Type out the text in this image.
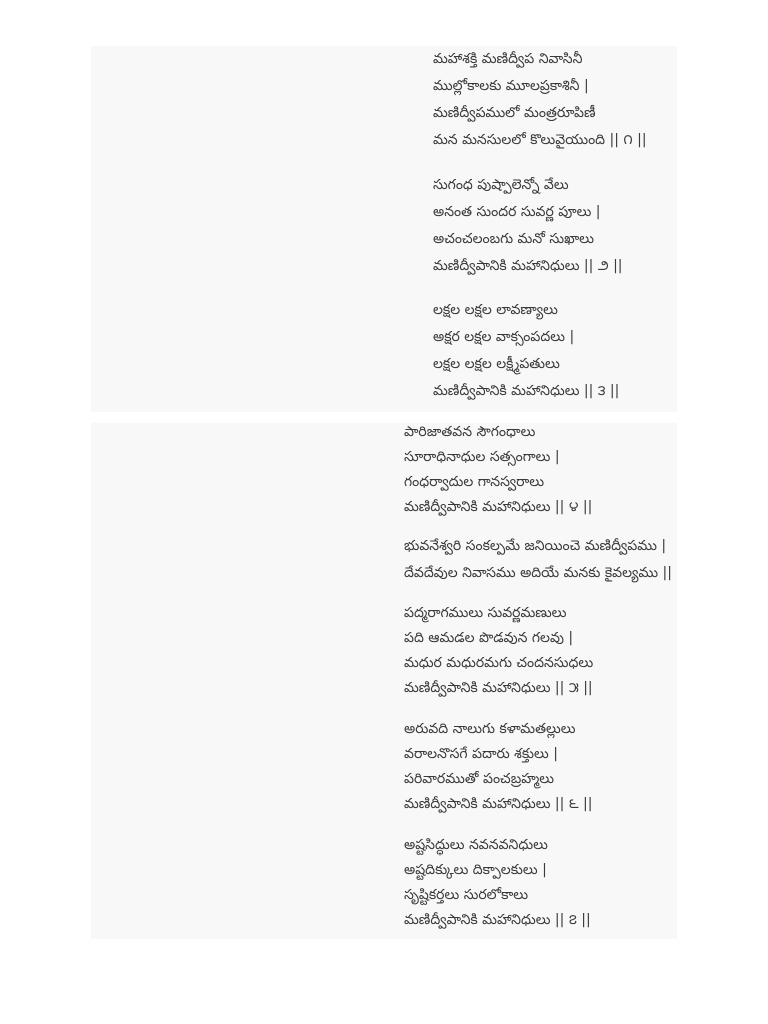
మహాశక్తి మణిద్వీప నివాసినీ
ముల్లోకాలకు మూలప్రకాశినీ |
మణిద్వీపములో మంత్రరూపిణీ
మన మనసులలో కొలువైయుంది || ౧ ||
సుగంధ పుష్పాలెన్నో వేలు
అనంత సుందర సువర్ణ పూలు |
అచంచలంబగు మనో సుఖాలు
మణిద్వీపానికి మహానిధులు || ౨ ||
లక్షల లక్షల లావణ్యాలు
అక్షర లక్షల వాక్సంపదలు |
లక్షల లక్షల లక్ష్మీపతులు
మణిద్వీపానికి మహానిధులు || ౩ ||
పారిజాతవన సౌగంధాలు
సూరాధినాధుల సత్సంగాలు |
గంధర్వాదుల గానస్వరాలు
మణిద్వీపానికి మహానిధులు || ౪ ||
భువనేశ్వరి సంకల్పమే జనియించె మణిద్వీపము |
దేవదేవుల నివాసము అదియే మనకు కైవల్యము ||
పద్మరాగములు సువర్ణమణులు
పది ఆమడల పొడవున గలవు |
మధుర మధురమగు చందనసుధలు
మణిద్వీపానికి మహానిధులు || ౫ ||
అరువది నాలుగు కళామతల్లులు
వరాలనొసగే పదారు శక్తులు |
పరివారముతో పంచబ్రహ్మలు
మణిద్వీపానికి మహానిధులు || ౬ ||
అష్టసిద్ధులు నవనవనిధులు
అష్టదిక్కులు దిక్పాలకులు |
సృష్టికర్తలు సురలోకాలు
మణిద్వీపానికి మహానిధులు || ౭ ||
